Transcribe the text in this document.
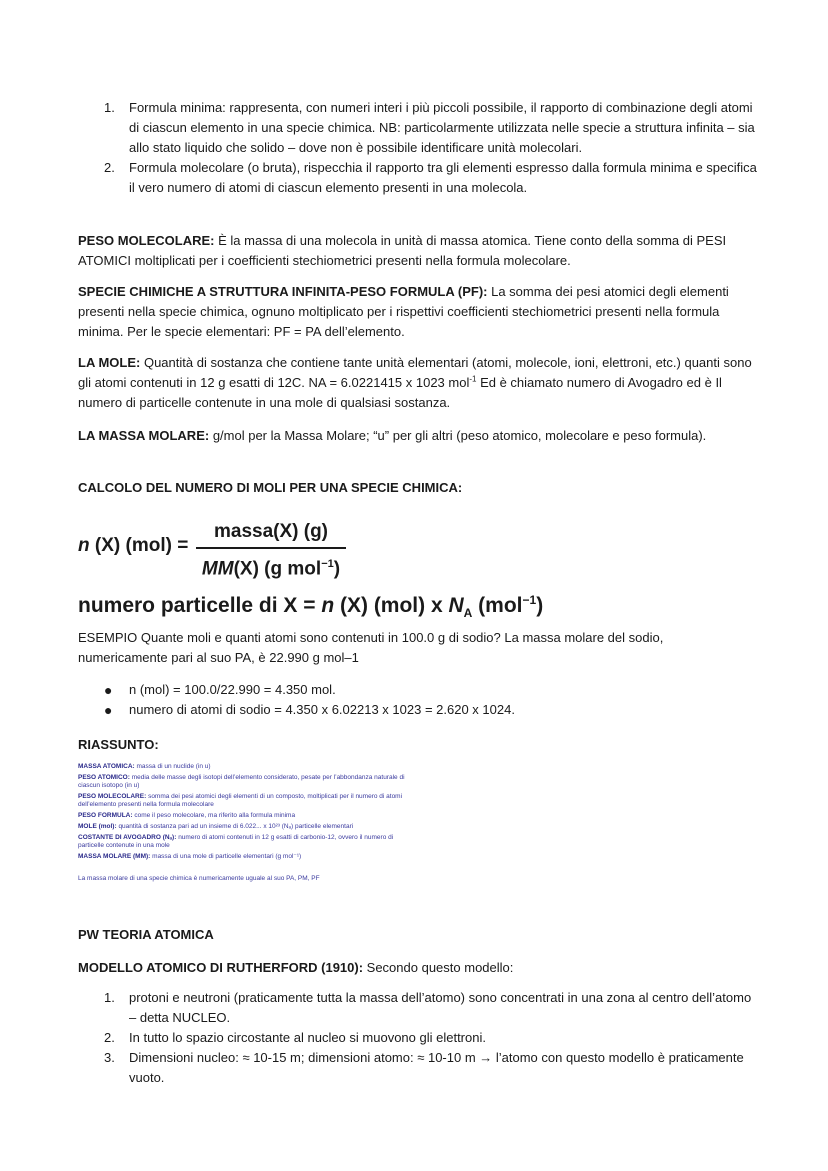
1. Formula minima: rappresenta, con numeri interi i più piccoli possibile, il rapporto di combinazione degli atomi di ciascun elemento in una specie chimica. NB: particolarmente utilizzata nelle specie a struttura infinita – sia allo stato liquido che solido – dove non è possibile identificare unità molecolari.
2. Formula molecolare (o bruta), rispecchia il rapporto tra gli elementi espresso dalla formula minima e specifica il vero numero di atomi di ciascun elemento presenti in una molecola.
PESO MOLECOLARE: È la massa di una molecola in unità di massa atomica. Tiene conto della somma di PESI ATOMICI moltiplicati per i coefficienti stechiometrici presenti nella formula molecolare.
SPECIE CHIMICHE A STRUTTURA INFINITA-PESO FORMULA (PF): La somma dei pesi atomici degli elementi presenti nella specie chimica, ognuno moltiplicato per i rispettivi coefficienti stechiometrici presenti nella formula minima. Per le specie elementari: PF = PA dell’elemento.
LA MOLE: Quantità di sostanza che contiene tante unità elementari (atomi, molecole, ioni, elettroni, etc.) quanti sono gli atomi contenuti in 12 g esatti di 12C. NA = 6.0221415 x 1023 mol$^{-1}$ Ed è chiamato numero di Avogadro ed è Il numero di particelle contenute in una mole di qualsiasi sostanza.
LA MASSA MOLARE: g/mol per la Massa Molare; “u” per gli altri (peso atomico, molecolare e peso formula).
CALCOLO DEL NUMERO DI MOLI PER UNA SPECIE CHIMICA:
n (X) (mol) =
massa(X) (g)
MM(X) (g mol$^{-1}$)
numero particelle di X = n (X) (mol) x $N_A$ (mol$^{-1}$)
ESEMPIO Quante moli e quanti atomi sono contenuti in 100.0 g di sodio? La massa molare del sodio, numericamente pari al suo PA, è 22.990 g mol–1
● n (mol) = 100.0/22.990 = 4.350 mol.
● numero di atomi di sodio = 4.350 x 6.02213 x 1023 = 2.620 x 1024.
RIASSUNTO:
MASSA ATOMICA: massa di un nuclide (in u)
PESO ATOMICO: media delle masse degli isotopi dell’elemento considerato, pesate per l’abbondanza naturale di ciascun isotopo (in u)
PESO MOLECOLARE: somma dei pesi atomici degli elementi di un composto, moltiplicati per il numero di atomi dell’elemento presenti nella formula molecolare
PESO FORMULA: come il peso molecolare, ma riferito alla formula minima
MOLE (mol): quantità di sostanza pari ad un insieme di 6.022... x 10²³ (Nₐ) particelle elementari
COSTANTE DI AVOGADRO (Nₐ): numero di atomi contenuti in 12 g esatti di carbonio-12, ovvero il numero di particelle contenute in una mole
MASSA MOLARE (MM): massa di una mole di particelle elementari (g mol⁻¹)
La massa molare di una specie chimica è numericamente uguale al suo PA, PM, PF
PW TEORIA ATOMICA
MODELLO ATOMICO DI RUTHERFORD (1910): Secondo questo modello:
1. protoni e neutroni (praticamente tutta la massa dell’atomo) sono concentrati in una zona al centro dell’atomo – detta NUCLEO.
2. In tutto lo spazio circostante al nucleo si muovono gli elettroni.
3. Dimensioni nucleo: ≈ 10-15 m; dimensioni atomo: ≈ 10-10 m → l’atomo con questo modello è praticamente vuoto.
